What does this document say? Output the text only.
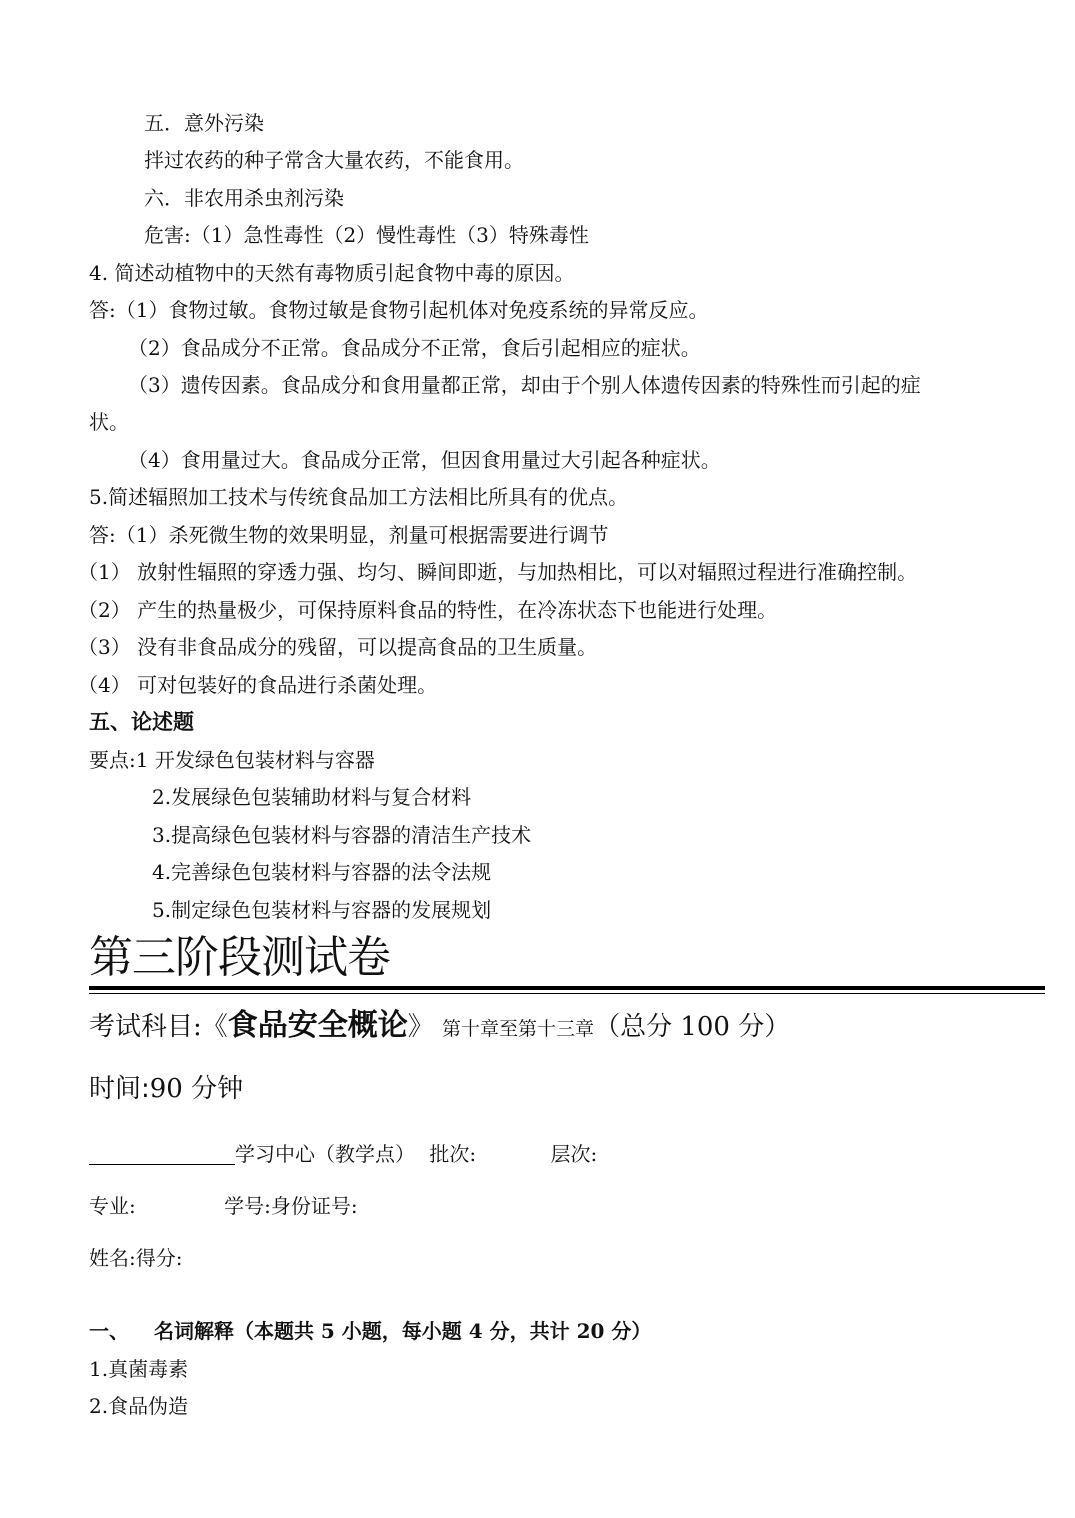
五．意外污染
拌过农药的种子常含大量农药，不能食用。
六．非农用杀虫剂污染
危害:（1）急性毒性（2）慢性毒性（3）特殊毒性
4. 简述动植物中的天然有毒物质引起食物中毒的原因。
答:（1）食物过敏。食物过敏是食物引起机体对免疫系统的异常反应。
（2）食品成分不正常。食品成分不正常，食后引起相应的症状。
（3）遗传因素。食品成分和食用量都正常，却由于个别人体遗传因素的特殊性而引起的症
状。
（4）食用量过大。食品成分正常，但因食用量过大引起各种症状。
5.简述辐照加工技术与传统食品加工方法相比所具有的优点。
答:（1）杀死微生物的效果明显，剂量可根据需要进行调节
（1） 放射性辐照的穿透力强、均匀、瞬间即逝，与加热相比，可以对辐照过程进行准确控制。
（2） 产生的热量极少，可保持原料食品的特性，在冷冻状态下也能进行处理。
（3） 没有非食品成分的残留，可以提高食品的卫生质量。
（4） 可对包装好的食品进行杀菌处理。
五、论述题
要点:1 开发绿色包装材料与容器
2.发展绿色包装辅助材料与复合材料
3.提高绿色包装材料与容器的清洁生产技术
4.完善绿色包装材料与容器的法令法规
5.制定绿色包装材料与容器的发展规划
第三阶段测试卷
考试科目:《食品安全概论》 第十章至第十三章（总分 100 分）
时间:90 分钟
学习中心（教学点） 批次:	层次:
专业:	学号:身份证号:
姓名:得分:
一、 名词解释（本题共 5 小题，每小题 4 分，共计 20 分）
1.真菌毒素
2.食品伪造
